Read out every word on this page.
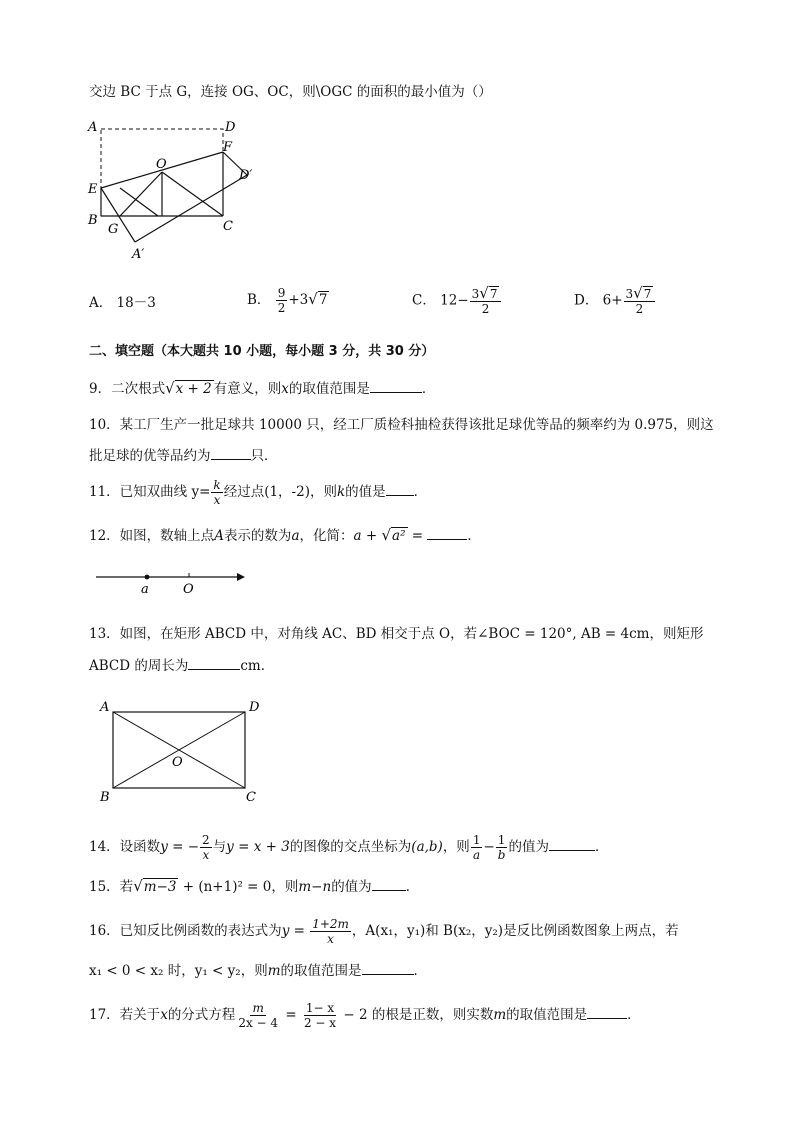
交边 BC 于点 G，连接 OG、OC，则\OGC 的面积的最小值为（）
A	D
F
O
D′
E
B
G	C
A′
A． 18－3	B． $\frac{9}{2} +3√7$	C． $12- \frac{3√7}{2}$	D． $6+ \frac{3√7}{2}$
二、填空题（本大题共 10 小题，每小题 3 分，共 30 分）
9．二次根式√x + 2 有意义，则x的取值范围是	．
10．某工厂生产一批足球共 10000 只，经工厂质检科抽检获得该批足球优等品的频率约为 0.975，则这
批足球的优等品约为	只．
11．已知双曲线 $y= \frac{k}{x}$ 经过点(1，-2)，则k的值是 ．
12．如图，数轴上点A表示的数为a，化简：a + √a² =	．
a	O
13．如图，在矩形 ABCD 中，对角线 AC、BD 相交于点 O，若∠BOC = 120°, AB = 4cm，则矩形
ABCD 的周长为	cm．
A	D
O
B	C
14．设函数y = − $\frac{2}{x}$ 与y = x + 3的图像的交点坐标为(a,b)，则 $\frac{1}{a} - \frac{1}{b}$ 的值为	．
15．若√m−3 + (n+1)² = 0，则m−n的值为	．
16．已知反比例函数的表达式为$y = \frac{1+2m}{x}$ ，A(x₁，y₁)和 B(x₂，y₂)是反比例函数图象上两点，若
x₁ < 0 < x₂ 时，y₁ < y₂，则m的取值范围是	．
17．若关于x的分式方程 $\frac{m}{2x - 4} = \frac{1- x}{2 - x} - 2$ 的根是正数，则实数m的取值范围是	．
